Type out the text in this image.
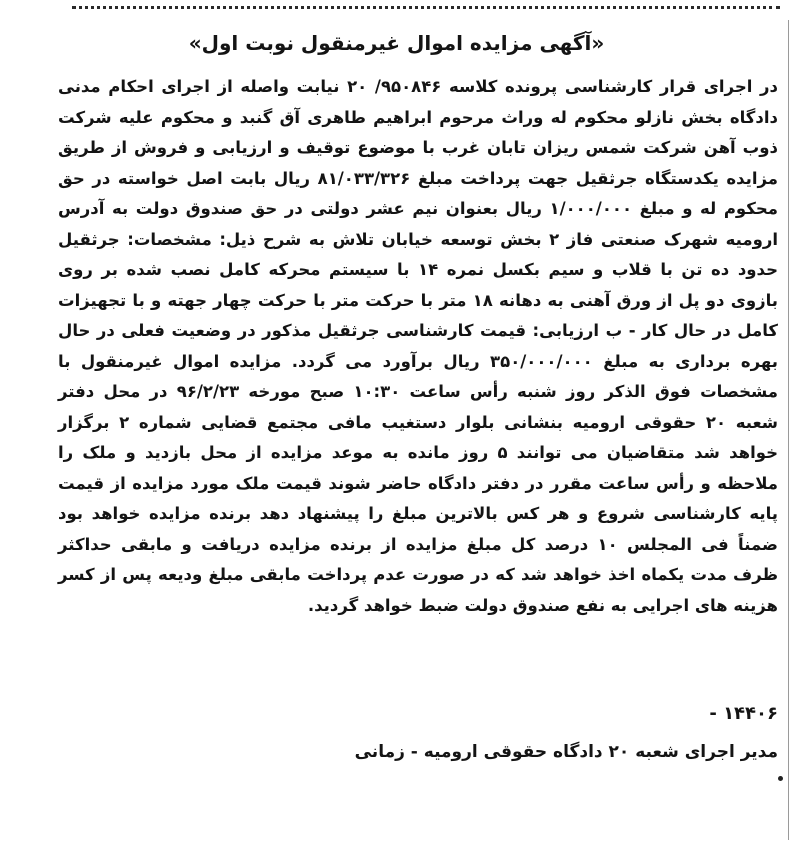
«آگهی مزایده اموال غیرمنقول نوبت اول»

در اجرای قرار کارشناسی پرونده کلاسه ۹۵۰۸۴۶/ ۲۰ نیابت واصله از اجرای احکام مدنی دادگاه بخش نازلو محکوم له وراث مرحوم ابراهیم طاهری آق گنبد و محکوم علیه شرکت ذوب آهن شرکت شمس ریزان تابان غرب با موضوع توقیف و ارزیابی و فروش از طریق مزایده یکدستگاه جرثقیل جهت پرداخت مبلغ ۸۱/۰۳۳/۳۲۶ ریال بابت اصل خواسته در حق محکوم له و مبلغ ۱/۰۰۰/۰۰۰ ریال بعنوان نیم عشر دولتی در حق صندوق دولت به آدرس ارومیه شهرک صنعتی فاز ۲ بخش توسعه خیابان تلاش به شرح ذیل: مشخصات: جرثقیل حدود ده تن با قلاب و سیم بکسل نمره ۱۴ با سیستم محرکه کامل نصب شده بر روی بازوی دو پل از ورق آهنی به دهانه ۱۸ متر با حرکت متر با حرکت چهار جهته و با تجهیزات کامل در حال کار - ب ارزیابی: قیمت کارشناسی جرثقیل مذکور در وضعیت فعلی در حال بهره برداری به مبلغ ۳۵۰/۰۰۰/۰۰۰ ریال برآورد می گردد. مزایده اموال غیرمنقول با مشخصات فوق الذکر روز شنبه رأس ساعت ۱۰:۳۰ صبح مورخه ۹۶/۲/۲۳ در محل دفتر شعبه ۲۰ حقوقی ارومیه بنشانی بلوار دستغیب مافی مجتمع قضایی شماره ۲ برگزار خواهد شد متقاضیان می توانند ۵ روز مانده به موعد مزایده از محل بازدید و ملک را ملاحظه و رأس ساعت مقرر در دفتر دادگاه حاضر شوند قیمت ملک مورد مزایده از قیمت پایه کارشناسی شروع و هر کس بالاترین مبلغ را پیشنهاد دهد برنده مزایده خواهد بود ضمناً فی المجلس ۱۰ درصد کل مبلغ مزایده از برنده مزایده دریافت و مابقی حداکثر ظرف مدت یکماه اخذ خواهد شد که در صورت عدم پرداخت مابقی مبلغ ودیعه پس از کسر هزینه های اجرایی به نفع صندوق دولت ضبط خواهد گردید.

۱۴۴۰۶ -
مدیر اجرای شعبه ۲۰ دادگاه حقوقی ارومیه - زمانی
